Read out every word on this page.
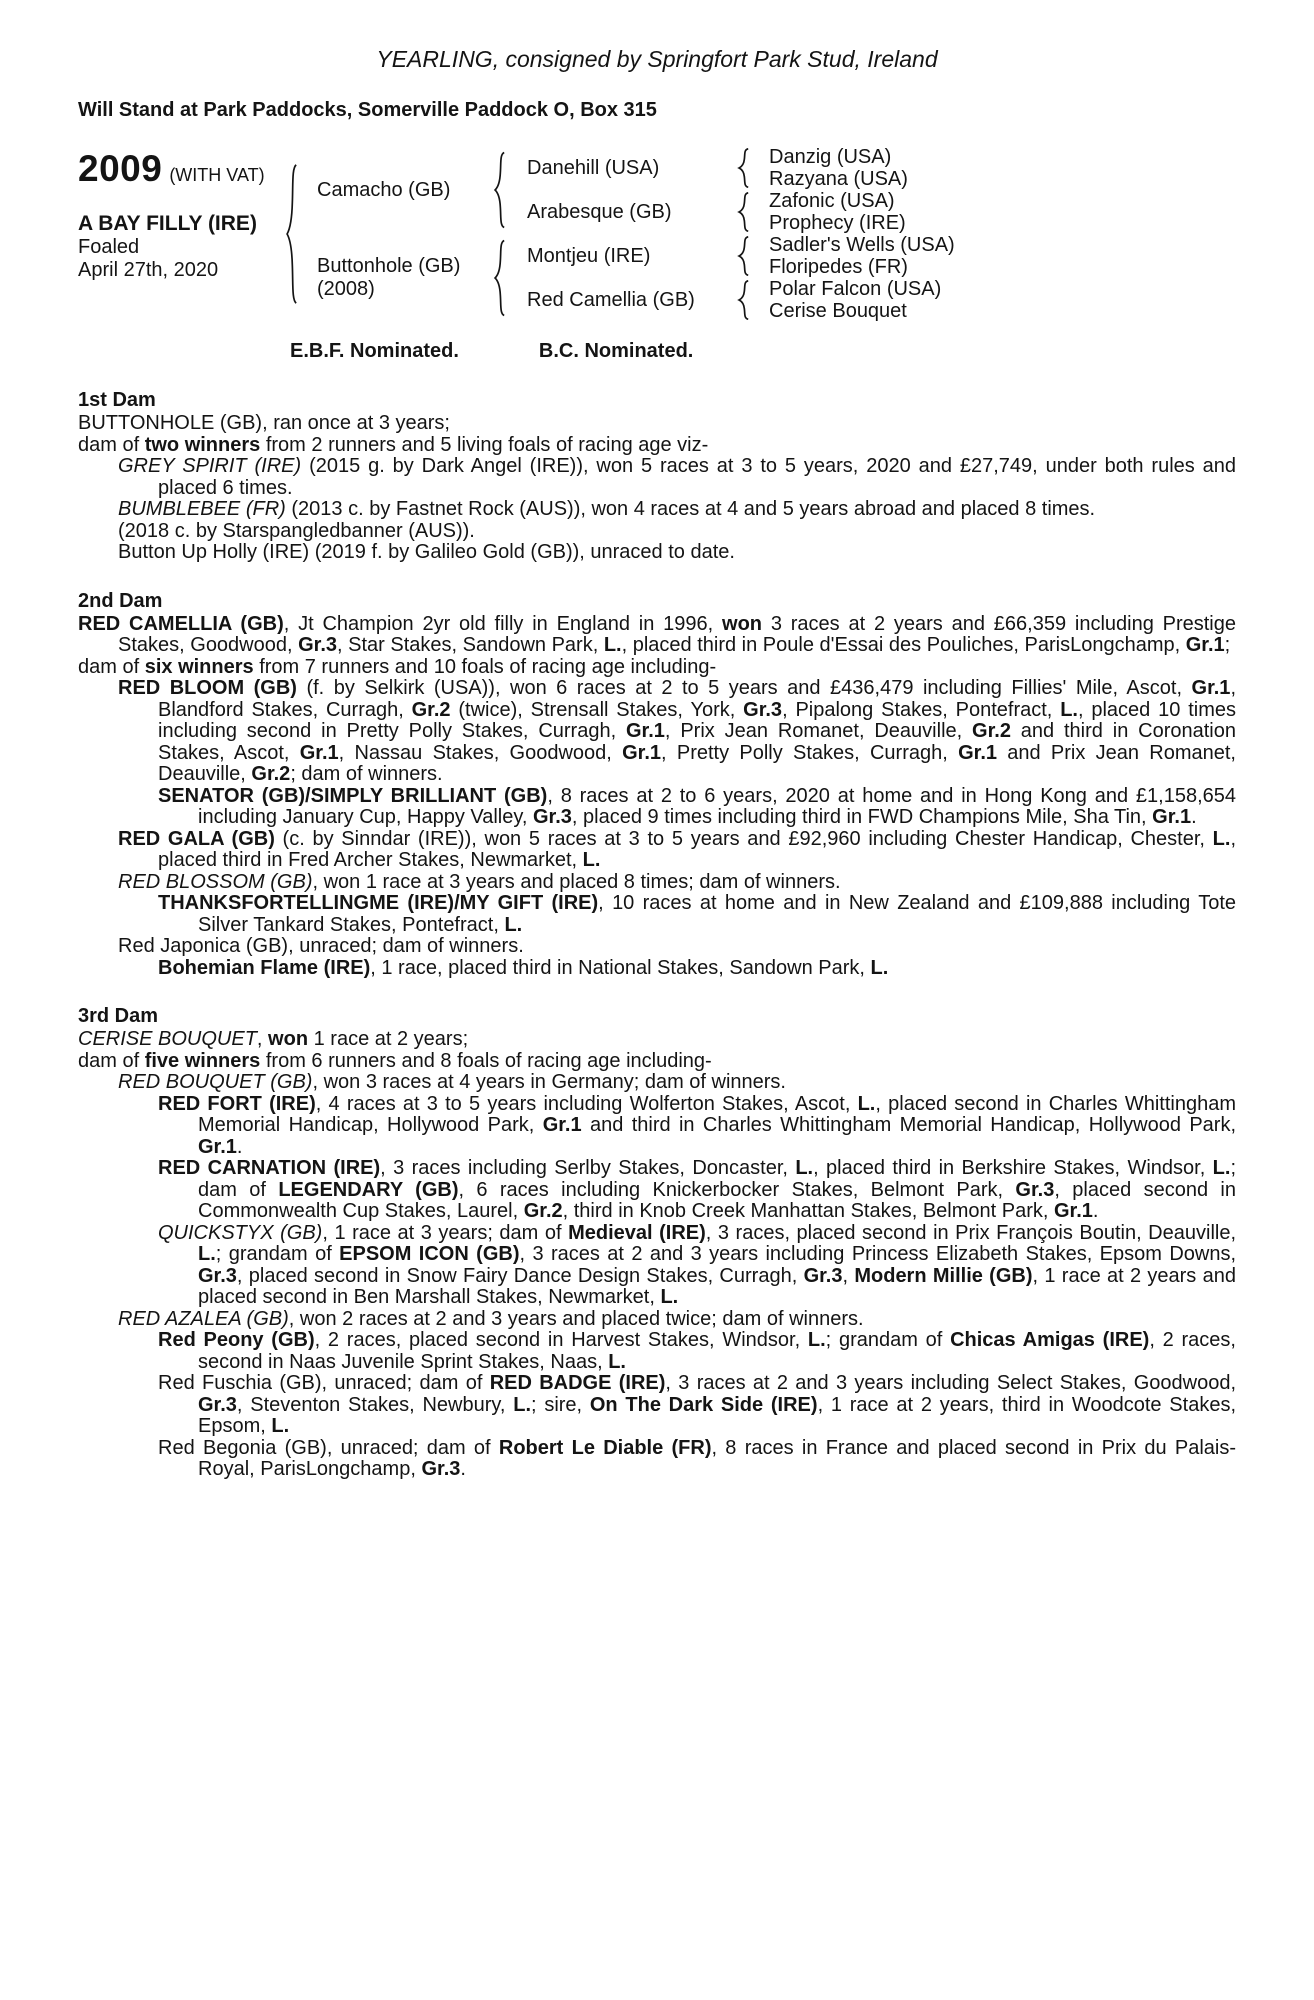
YEARLING, consigned by Springfort Park Stud, Ireland
Will Stand at Park Paddocks, Somerville Paddock O, Box 315
2009 (WITH VAT)
A BAY FILLY (IRE)
Foaled
April 27th, 2020
Camacho (GB)
Buttonhole (GB)
(2008)
Danehill (USA)
Arabesque (GB)
Montjeu (IRE)
Red Camellia (GB)
Danzig (USA)
Razyana (USA)
Zafonic (USA)
Prophecy (IRE)
Sadler's Wells (USA)
Floripedes (FR)
Polar Falcon (USA)
Cerise Bouquet
E.B.F. Nominated.	B.C. Nominated.
1st Dam

BUTTONHOLE (GB), ran once at 3 years;

dam of two winners from 2 runners and 5 living foals of racing age viz-

GREY SPIRIT (IRE) (2015 g. by Dark Angel (IRE)), won 5 races at 3 to 5 years, 2020 and £27,749, under both rules and placed 6 times.

BUMBLEBEE (FR) (2013 c. by Fastnet Rock (AUS)), won 4 races at 4 and 5 years abroad and placed 8 times.

(2018 c. by Starspangledbanner (AUS)).

Button Up Holly (IRE) (2019 f. by Galileo Gold (GB)), unraced to date.

2nd Dam

RED CAMELLIA (GB), Jt Champion 2yr old filly in England in 1996, won 3 races at 2 years and £66,359 including Prestige Stakes, Goodwood, Gr.3, Star Stakes, Sandown Park, L., placed third in Poule d'Essai des Pouliches, ParisLongchamp, Gr.1;

dam of six winners from 7 runners and 10 foals of racing age including-

RED BLOOM (GB) (f. by Selkirk (USA)), won 6 races at 2 to 5 years and £436,479 including Fillies' Mile, Ascot, Gr.1, Blandford Stakes, Curragh, Gr.2 (twice), Strensall Stakes, York, Gr.3, Pipalong Stakes, Pontefract, L., placed 10 times including second in Pretty Polly Stakes, Curragh, Gr.1, Prix Jean Romanet, Deauville, Gr.2 and third in Coronation Stakes, Ascot, Gr.1, Nassau Stakes, Goodwood, Gr.1, Pretty Polly Stakes, Curragh, Gr.1 and Prix Jean Romanet, Deauville, Gr.2; dam of winners.

SENATOR (GB)/SIMPLY BRILLIANT (GB), 8 races at 2 to 6 years, 2020 at home and in Hong Kong and £1,158,654 including January Cup, Happy Valley, Gr.3, placed 9 times including third in FWD Champions Mile, Sha Tin, Gr.1.

RED GALA (GB) (c. by Sinndar (IRE)), won 5 races at 3 to 5 years and £92,960 including Chester Handicap, Chester, L., placed third in Fred Archer Stakes, Newmarket, L.

RED BLOSSOM (GB), won 1 race at 3 years and placed 8 times; dam of winners.

THANKSFORTELLINGME (IRE)/MY GIFT (IRE), 10 races at home and in New Zealand and £109,888 including Tote Silver Tankard Stakes, Pontefract, L.

Red Japonica (GB), unraced; dam of winners.

Bohemian Flame (IRE), 1 race, placed third in National Stakes, Sandown Park, L.

3rd Dam

CERISE BOUQUET, won 1 race at 2 years;

dam of five winners from 6 runners and 8 foals of racing age including-

RED BOUQUET (GB), won 3 races at 4 years in Germany; dam of winners.

RED FORT (IRE), 4 races at 3 to 5 years including Wolferton Stakes, Ascot, L., placed second in Charles Whittingham Memorial Handicap, Hollywood Park, Gr.1 and third in Charles Whittingham Memorial Handicap, Hollywood Park, Gr.1.

RED CARNATION (IRE), 3 races including Serlby Stakes, Doncaster, L., placed third in Berkshire Stakes, Windsor, L.; dam of LEGENDARY (GB), 6 races including Knickerbocker Stakes, Belmont Park, Gr.3, placed second in Commonwealth Cup Stakes, Laurel, Gr.2, third in Knob Creek Manhattan Stakes, Belmont Park, Gr.1.

QUICKSTYX (GB), 1 race at 3 years; dam of Medieval (IRE), 3 races, placed second in Prix François Boutin, Deauville, L.; grandam of EPSOM ICON (GB), 3 races at 2 and 3 years including Princess Elizabeth Stakes, Epsom Downs, Gr.3, placed second in Snow Fairy Dance Design Stakes, Curragh, Gr.3, Modern Millie (GB), 1 race at 2 years and placed second in Ben Marshall Stakes, Newmarket, L.

RED AZALEA (GB), won 2 races at 2 and 3 years and placed twice; dam of winners.

Red Peony (GB), 2 races, placed second in Harvest Stakes, Windsor, L.; grandam of Chicas Amigas (IRE), 2 races, second in Naas Juvenile Sprint Stakes, Naas, L.

Red Fuschia (GB), unraced; dam of RED BADGE (IRE), 3 races at 2 and 3 years including Select Stakes, Goodwood, Gr.3, Steventon Stakes, Newbury, L.; sire, On The Dark Side (IRE), 1 race at 2 years, third in Woodcote Stakes, Epsom, L.

Red Begonia (GB), unraced; dam of Robert Le Diable (FR), 8 races in France and placed second in Prix du Palais-Royal, ParisLongchamp, Gr.3.
